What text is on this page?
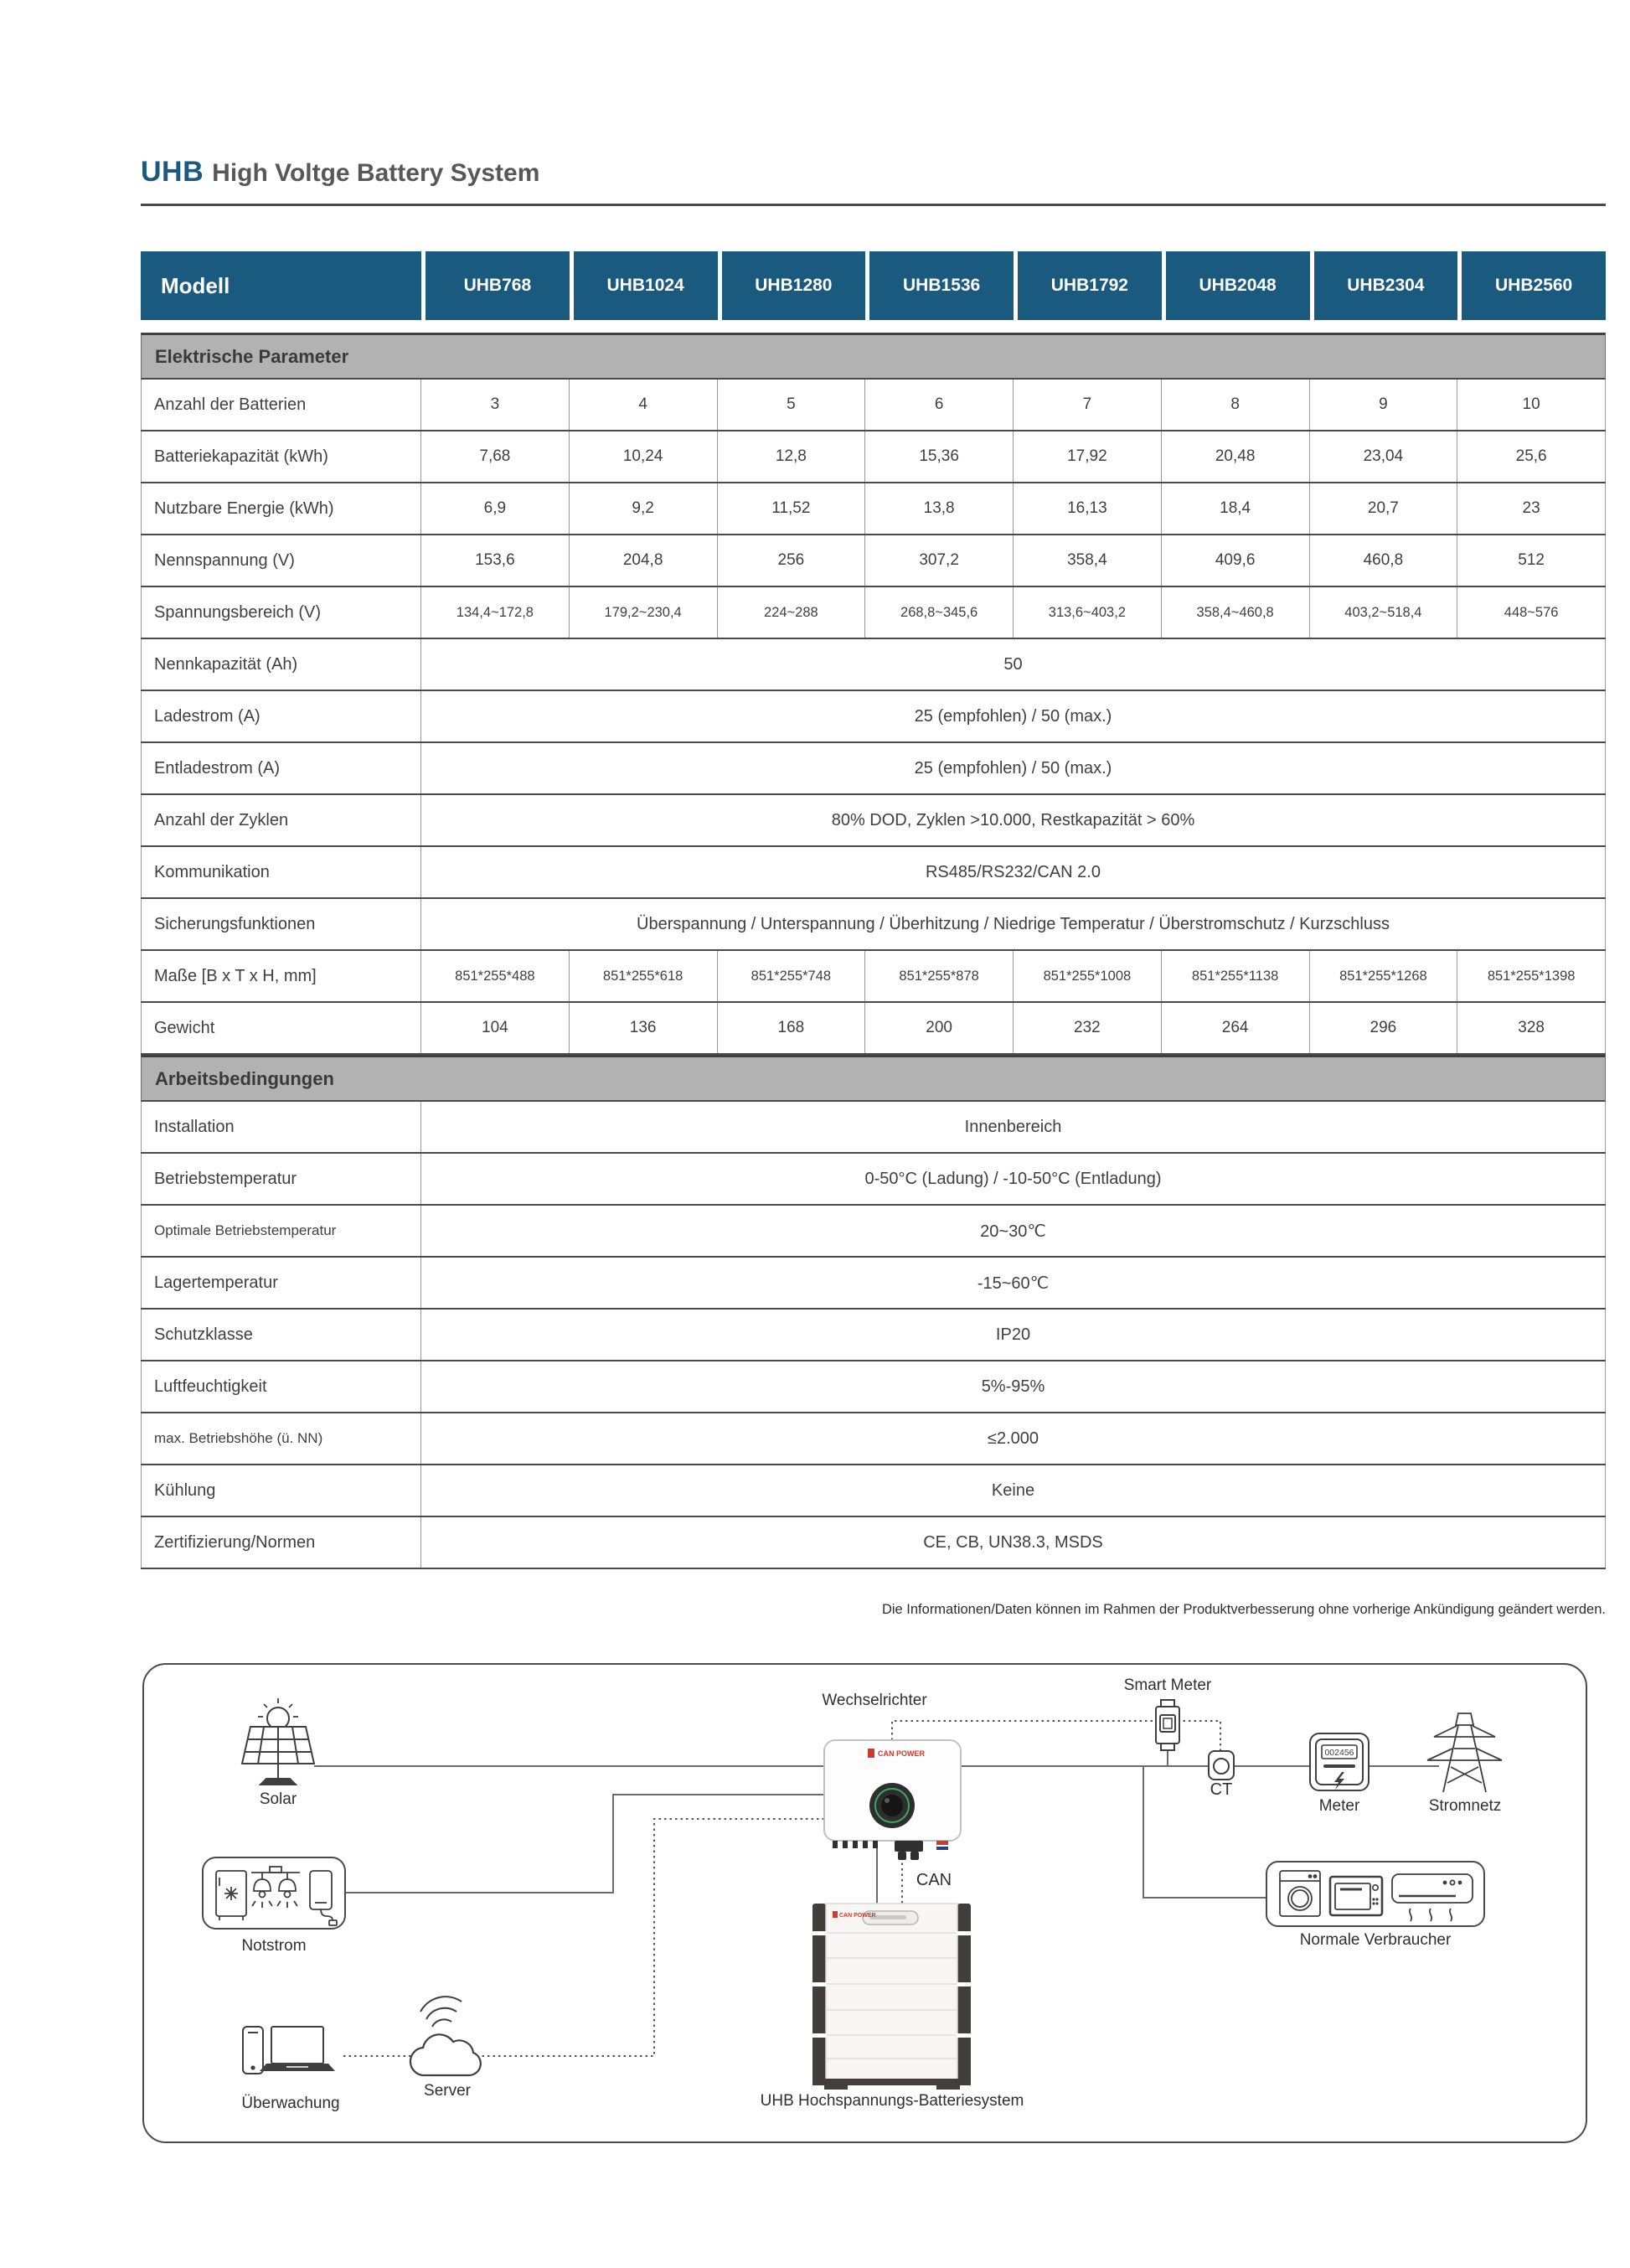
UHB High Voltge Battery System
Modell	UHB768	UHB1024	UHB1280	UHB1536	UHB1792	UHB2048	UHB2304	UHB2560
Elektrische Parameter
Anzahl der Batterien	3	4	5	6	7	8	9	10
Batteriekapazität (kWh)	7,68	10,24	12,8	15,36	17,92	20,48	23,04	25,6
Nutzbare Energie (kWh)	6,9	9,2	11,52	13,8	16,13	18,4	20,7	23
Nennspannung (V)	153,6	204,8	256	307,2	358,4	409,6	460,8	512
Spannungsbereich (V)	134,4~172,8	179,2~230,4	224~288	268,8~345,6	313,6~403,2	358,4~460,8	403,2~518,4	448~576
Nennkapazität (Ah)	50
Ladestrom (A)	25 (empfohlen) / 50 (max.)
Entladestrom (A)	25 (empfohlen) / 50 (max.)
Anzahl der Zyklen	80% DOD, Zyklen >10.000, Restkapazität > 60%
Kommunikation	RS485/RS232/CAN 2.0
Sicherungsfunktionen	Überspannung / Unterspannung / Überhitzung / Niedrige Temperatur / Überstromschutz / Kurzschluss
Maße [B x T x H, mm]	851*255*488	851*255*618	851*255*748	851*255*878	851*255*1008	851*255*1138	851*255*1268	851*255*1398
Gewicht	104	136	168	200	232	264	296	328
Arbeitsbedingungen
Installation	Innenbereich
Betriebstemperatur	0-50°C (Ladung) / -10-50°C (Entladung)
Optimale Betriebstemperatur	20~30℃
Lagertemperatur	-15~60℃
Schutzklasse	IP20
Luftfeuchtigkeit	5%-95%
max. Betriebshöhe (ü. NN)	≤2.000
Kühlung	Keine
Zertifizierung/Normen	CE, CB, UN38.3, MSDS
Die Informationen/Daten können im Rahmen der Produktverbesserung ohne vorherige Ankündigung geändert werden.
CAN POWER
CAN POWER
002456
Solar
Notstrom
Überwachung
Server
Wechselrichter
CAN
Smart Meter
CT
Meter	Stromnetz
Normale Verbraucher
UHB Hochspannungs-Batteriesystem
